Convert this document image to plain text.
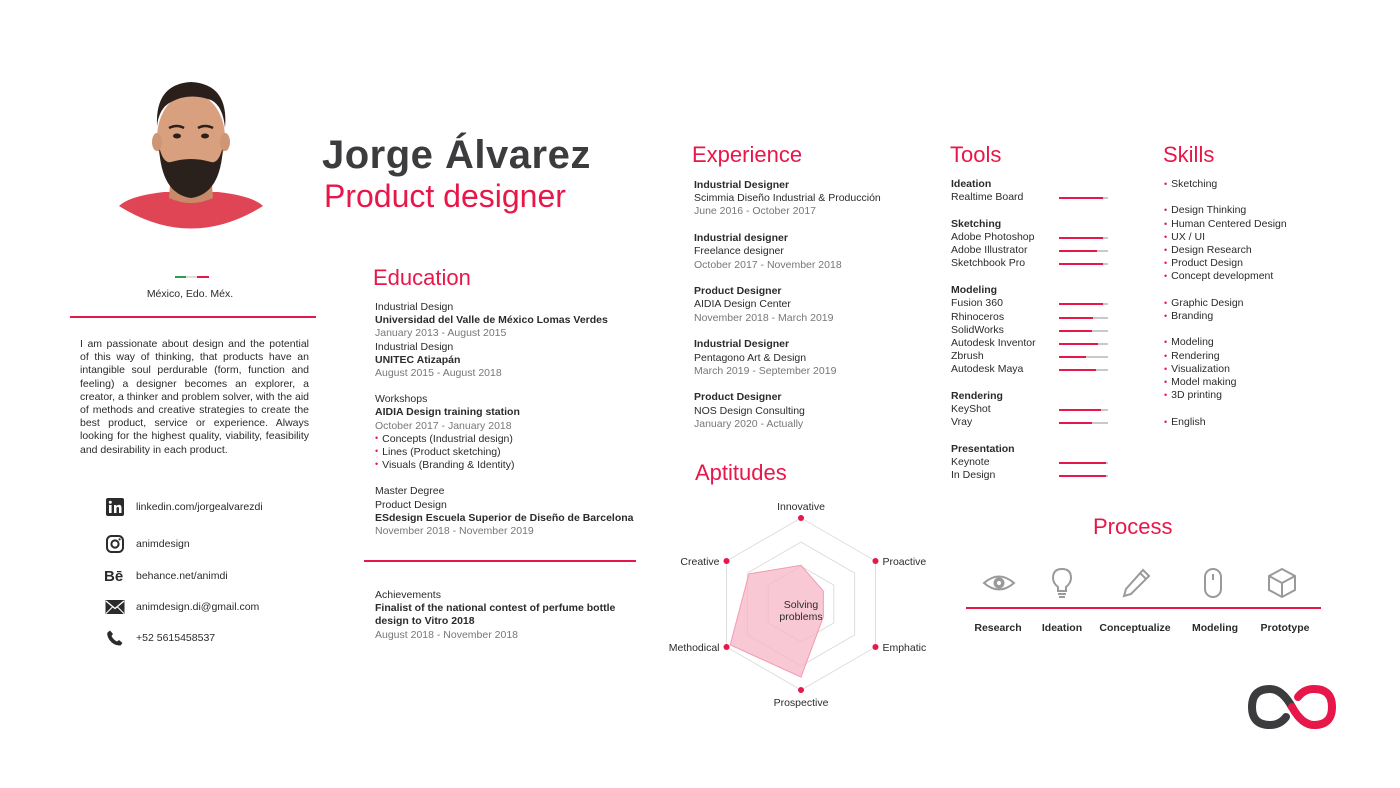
México, Edo. Méx.
I am passionate about design and the potential of this way of thinking, that products have an intangible soul perdurable (form, function and feeling) a designer becomes an explorer, a creator, a thinker and problem solver, with the aid of methods and creative strategies to create the best product, service or experience. Always looking for the highest quality, viability, feasibility and desirability in each product.
linkedin.com/jorgealvarezdi
animdesign
Bē behance.net/animdi
animdesign.di@gmail.com
+52 5615458537
Jorge Álvarez
Product designer
Education
Industrial Design
Universidad del Valle de México Lomas Verdes
January 2013 - August 2015
Industrial Design
UNITEC Atizapán
August 2015 - August 2018
Workshops
AIDIA Design training station
October 2017 - January 2018
• Concepts (Industrial design)
• Lines (Product sketching)
• Visuals (Branding & Identity)
Master Degree
Product Design
ESdesign Escuela Superior de Diseño de Barcelona
November 2018 - November 2019
Achievements
Finalist of the national contest of perfume bottle
design to Vitro 2018
August 2018 - November 2018
Experience
Industrial Designer
Scimmia Diseño Industrial & Producción
June 2016 - October 2017
Industrial designer
Freelance designer
October 2017 - November 2018
Product Designer
AIDIA Design Center
November 2018 - March 2019
Industrial Designer
Pentagono Art & Design
March 2019 - September 2019
Product Designer
NOS Design Consulting
January 2020 - Actually
Aptitudes
Innovative
Proactive
Emphatic
Prospective
Methodical
Creative
Solving
problems
Tools
Ideation
Realtime Board
Sketching
Adobe Photoshop
Adobe Illustrator
Sketchbook Pro
Modeling
Fusion 360
Rhinoceros
SolidWorks
Autodesk Inventor
Zbrush
Autodesk Maya
Rendering
KeyShot
Vray
Presentation
Keynote
In Design
Skills
• Sketching
• Design Thinking
• Human Centered Design
• UX / UI
• Design Research
• Product Design
• Concept development
• Graphic Design
• Branding
• Modeling
• Rendering
• Visualization
• Model making
• 3D printing
• English
Process
Research	Ideation	Conceptualize	Modeling	Prototype
